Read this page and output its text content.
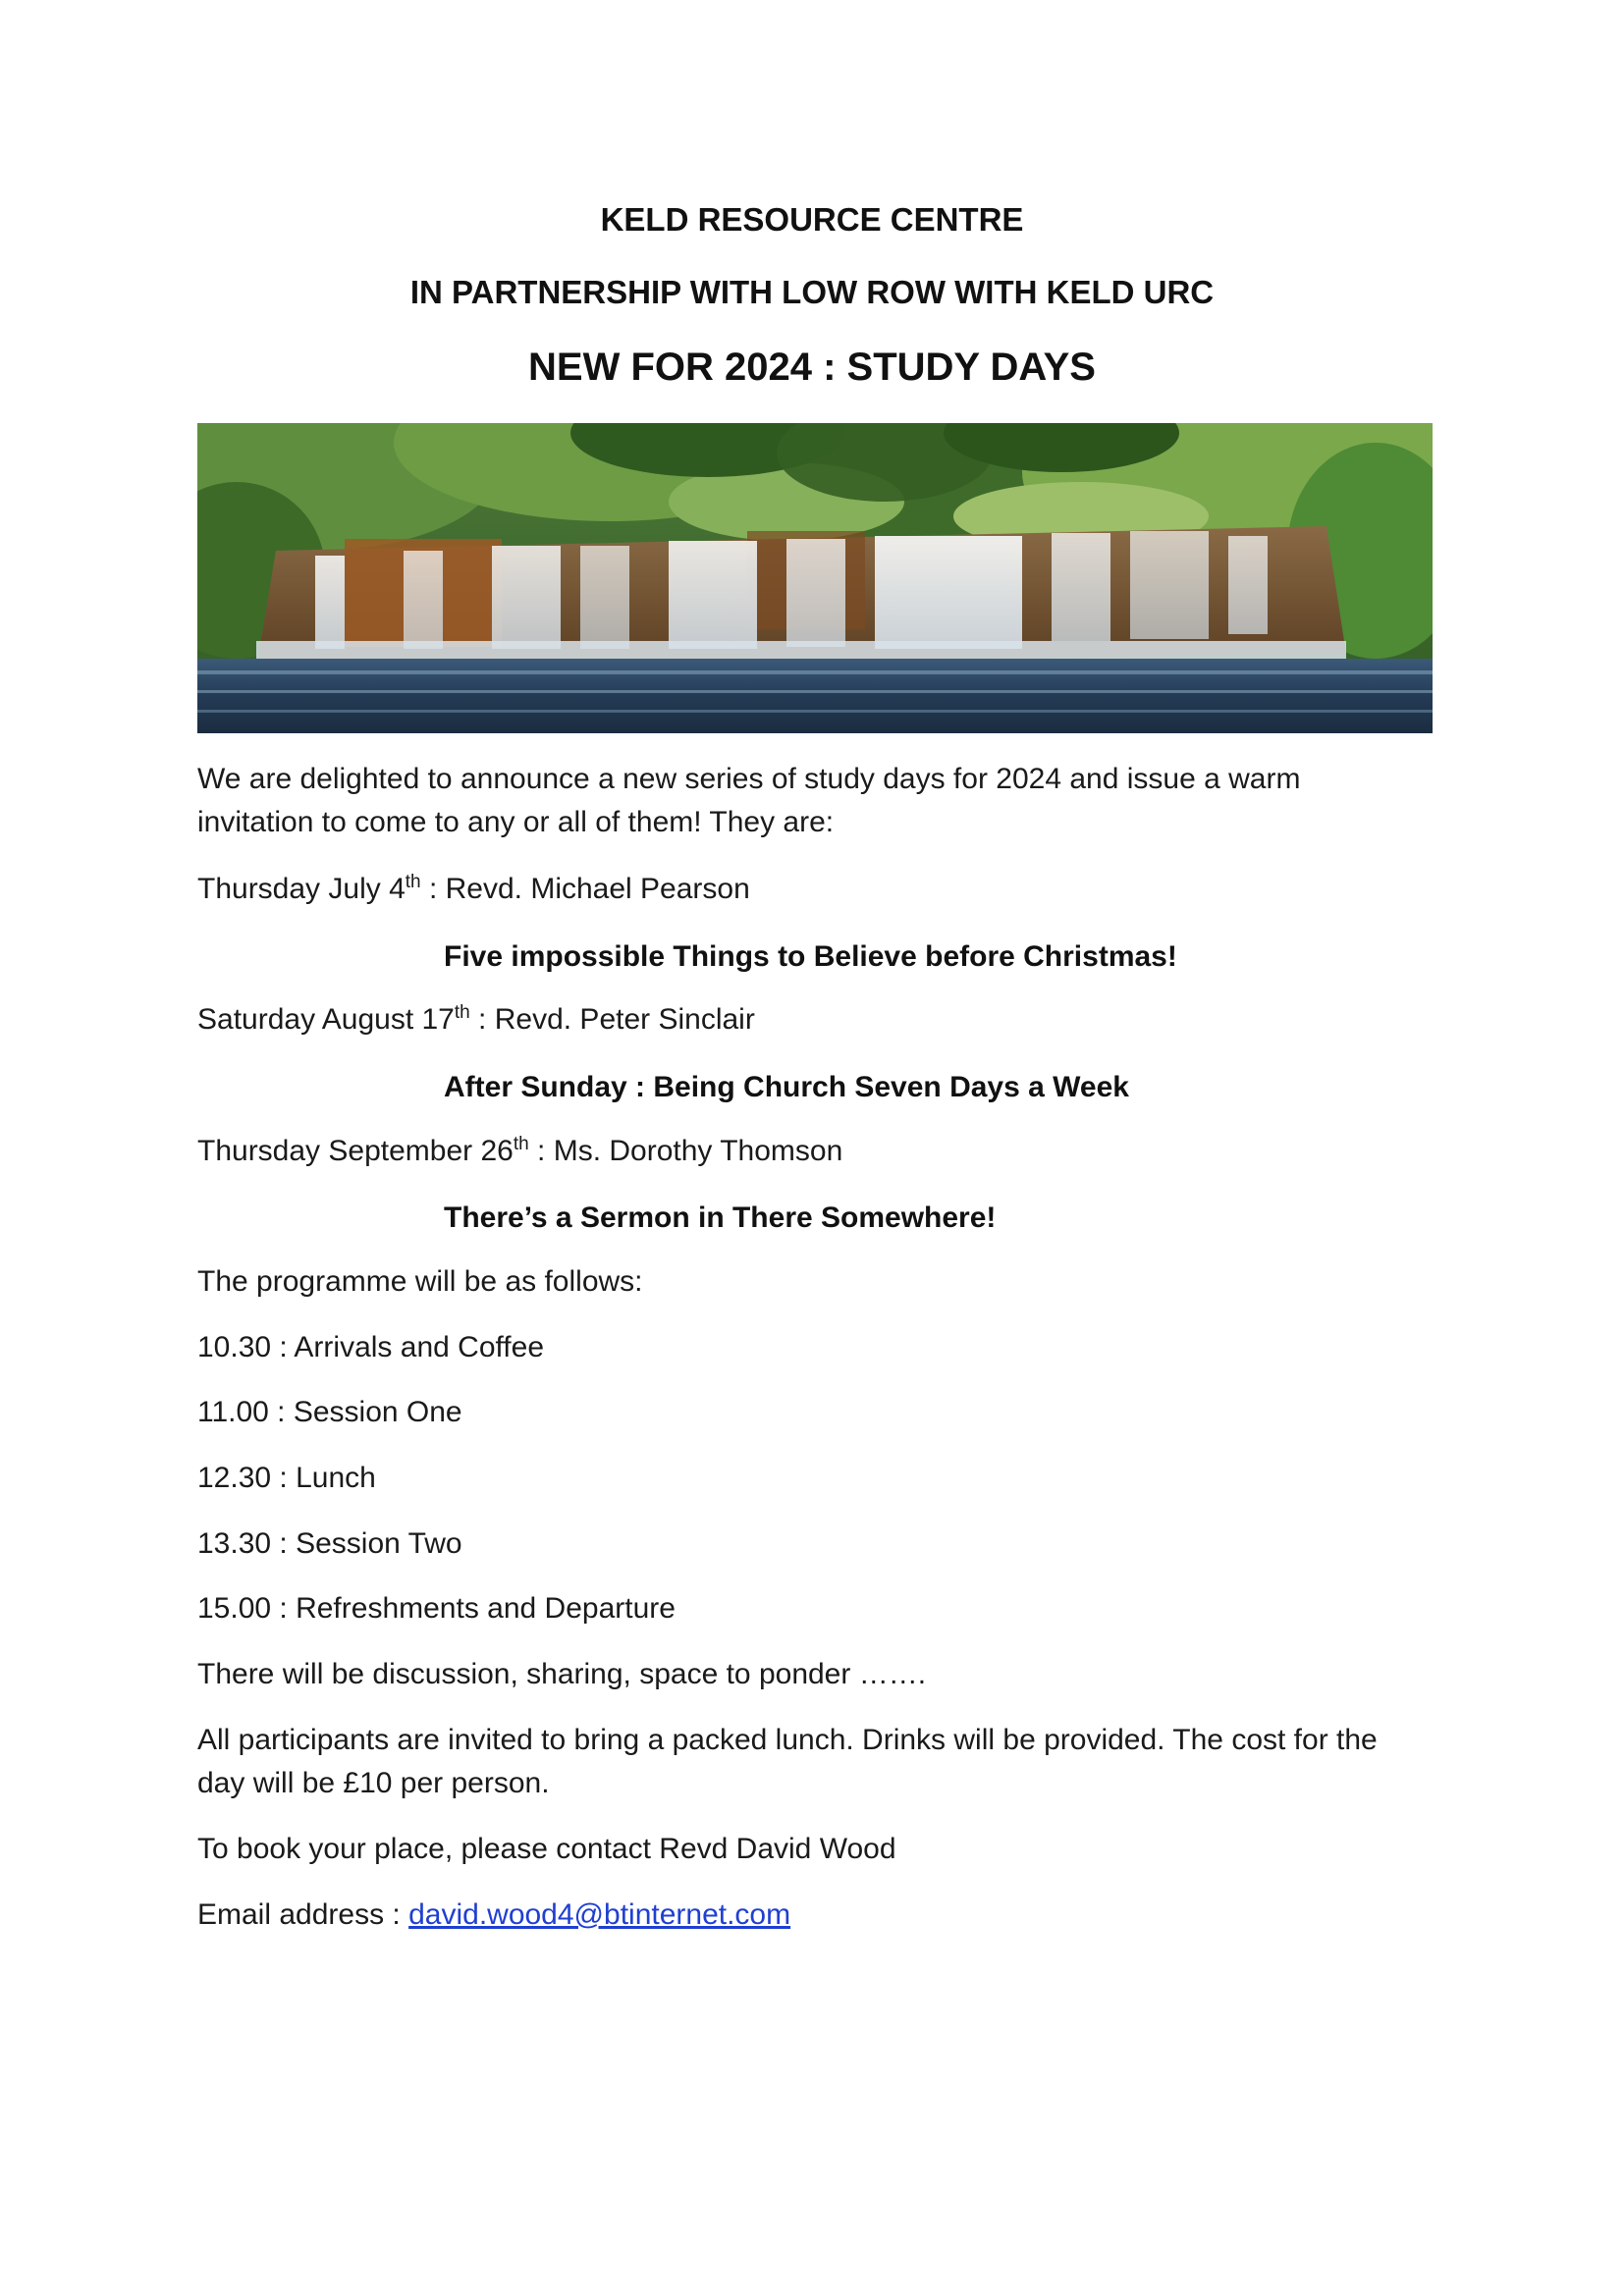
KELD RESOURCE CENTRE
IN PARTNERSHIP WITH LOW ROW WITH KELD URC
NEW FOR 2024 : STUDY DAYS
We are delighted to announce a new series of study days for 2024 and issue a warm
invitation to come to any or all of them! They are:
Thursday July 4th : Revd. Michael Pearson
Five impossible Things to Believe before Christmas!
Saturday August 17th : Revd. Peter Sinclair
After Sunday : Being Church Seven Days a Week
Thursday September 26th : Ms. Dorothy Thomson
There’s a Sermon in There Somewhere!
The programme will be as follows:
10.30 : Arrivals and Coffee
11.00 : Session One
12.30 : Lunch
13.30 : Session Two
15.00 : Refreshments and Departure
There will be discussion, sharing, space to ponder …….
All participants are invited to bring a packed lunch. Drinks will be provided. The cost for the
day will be £10 per person.
To book your place, please contact Revd David Wood
Email address : david.wood4@btinternet.com
